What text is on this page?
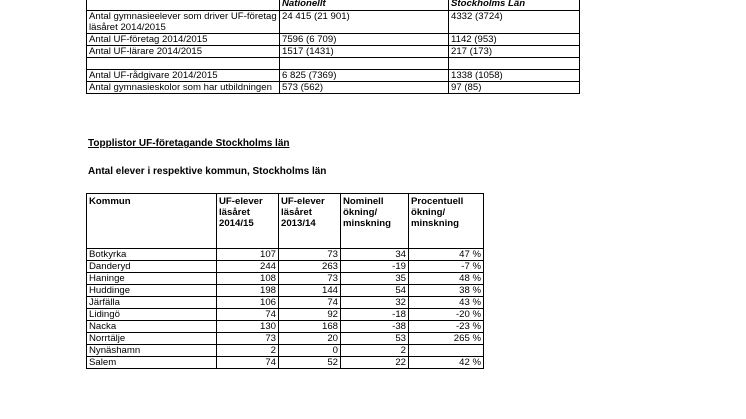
	Nationellt	Stockholms Län
Antal gymnasieelever som driver UF-företag läsåret 2014/2015	24 415 (21 901)	4332 (3724)
Antal UF-företag 2014/2015	7596 (6 709)	1142 (953)
Antal UF-lärare 2014/2015	1517 (1431)	217 (173)

Antal UF-rådgivare 2014/2015	6 825 (7369)	1338 (1058)
Antal gymnasieskolor som har utbildningen	573 (562)	97 (85)

Topplistor UF-företagande Stockholms län

Antal elever i respektive kommun, Stockholms län

Kommun	UF-elever läsåret 2014/15	UF-elever läsåret 2013/14	Nominell ökning/ minskning	Procentuell ökning/ minskning
Botkyrka	107	73	34	47 %
Danderyd	244	263	-19	-7 %
Haninge	108	73	35	48 %
Huddinge	198	144	54	38 %
Järfälla	106	74	32	43 %
Lidingö	74	92	-18	-20 %
Nacka	130	168	-38	-23 %
Norrtälje	73	20	53	265 %
Nynäshamn	2	0	2	
Salem	74	52	22	42 %
